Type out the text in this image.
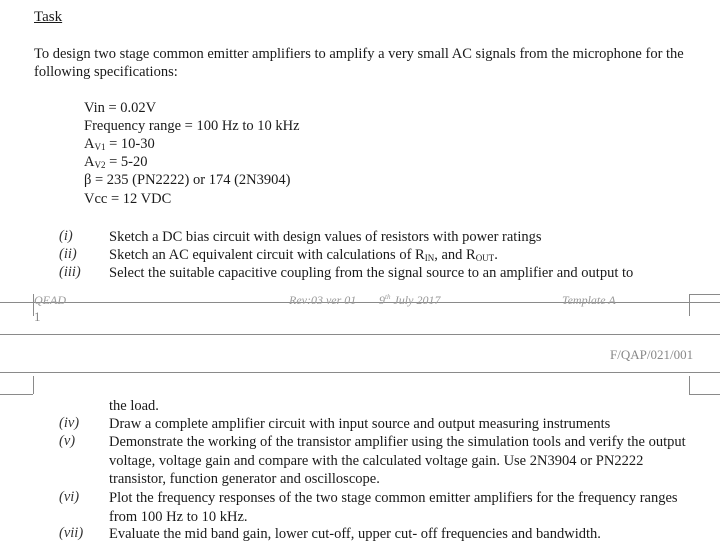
Task
To design two stage common emitter amplifiers to amplify a very small AC signals from the microphone for the following specifications:
Vin = 0.02V
Frequency range = 100 Hz to 10 kHz
$A_{V1} = 10-30$
$A_{V2} = 5-20$
β = 235 (PN2222) or 174 (2N3904)
Vcc = 12 VDC
(i)	Sketch a DC bias circuit with design values of resistors with power ratings
(ii) Sketch an AC equivalent circuit with calculations of $R_{IN}$, and $R_{OUT}$.
(iii) Select the suitable capacitive coupling from the signal source to an amplifier and output to
QEAD
1
Rev:03 ver 01 9th July 2017	Template A
F/QAP/021/001
the load.
(iv) Draw a complete amplifier circuit with input source and output measuring instruments
(v) Demonstrate the working of the transistor amplifier using the simulation tools and verify the output voltage, voltage gain and compare with the calculated voltage gain. Use 2N3904 or PN2222 transistor, function generator and oscilloscope.
(vi) Plot the frequency responses of the two stage common emitter amplifiers for the frequency ranges from 100 Hz to 10 kHz.
(vii) Evaluate the mid band gain, lower cut-off, upper cut- off frequencies and bandwidth.
